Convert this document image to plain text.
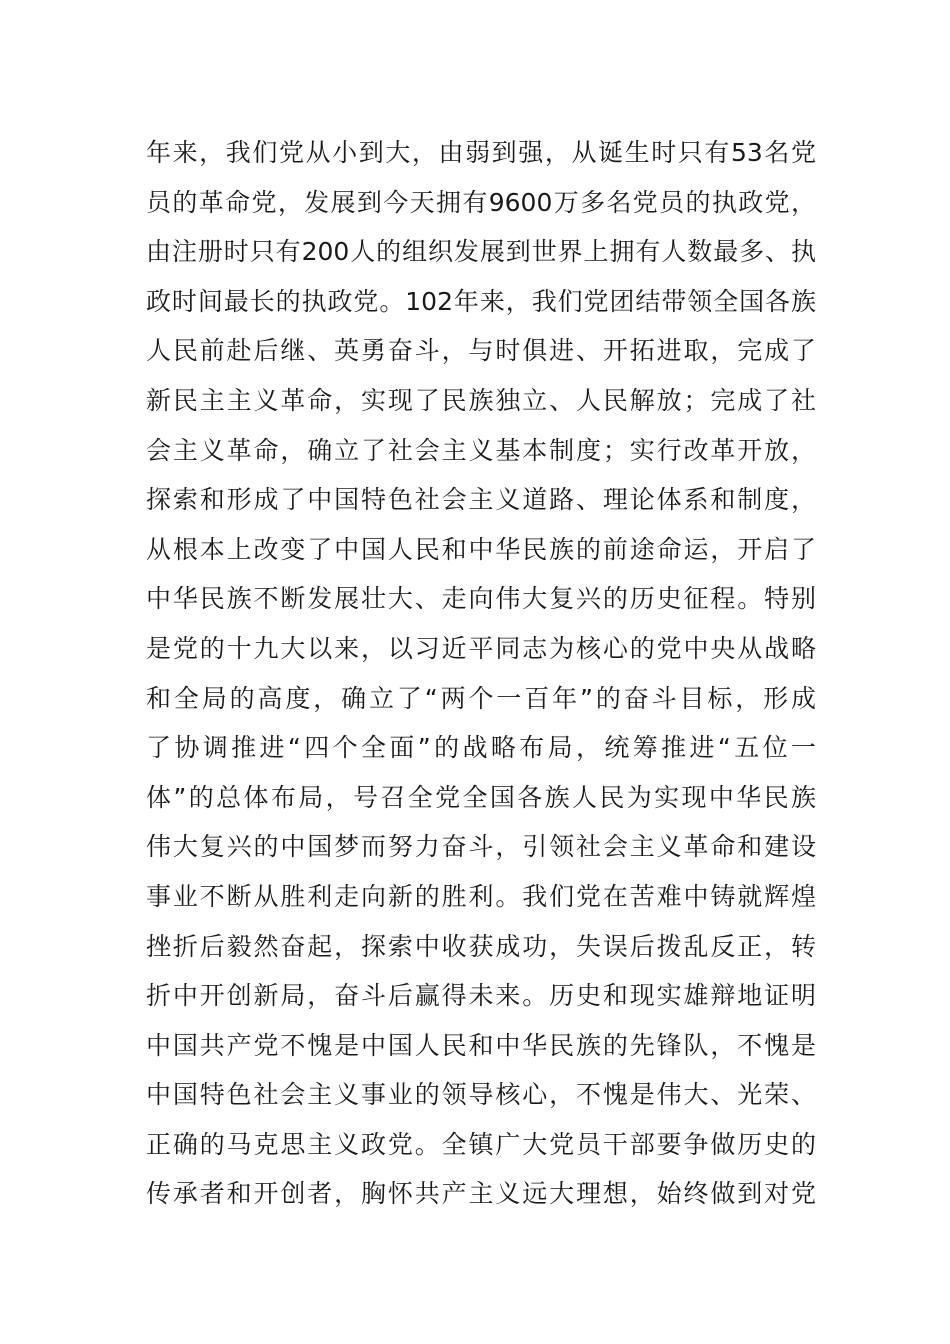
年来，我们党从小到大，由弱到强，从诞生时只有53名党
员的革命党，发展到今天拥有9600万多名党员的执政党，
由注册时只有200人的组织发展到世界上拥有人数最多、执
政时间最长的执政党。102年来，我们党团结带领全国各族
人民前赴后继、英勇奋斗，与时俱进、开拓进取，完成了
新民主主义革命，实现了民族独立、人民解放；完成了社
会主义革命，确立了社会主义基本制度；实行改革开放，
探索和形成了中国特色社会主义道路、理论体系和制度，
从根本上改变了中国人民和中华民族的前途命运，开启了
中华民族不断发展壮大、走向伟大复兴的历史征程。特别
是党的十九大以来，以习近平同志为核心的党中央从战略
和全局的高度，确立了“两个一百年”的奋斗目标，形成
了协调推进“四个全面”的战略布局，统筹推进“五位一
体”的总体布局，号召全党全国各族人民为实现中华民族
伟大复兴的中国梦而努力奋斗，引领社会主义革命和建设
事业不断从胜利走向新的胜利。我们党在苦难中铸就辉煌
挫折后毅然奋起，探索中收获成功，失误后拨乱反正，转
折中开创新局，奋斗后赢得未来。历史和现实雄辩地证明
中国共产党不愧是中国人民和中华民族的先锋队，不愧是
中国特色社会主义事业的领导核心，不愧是伟大、光荣、
正确的马克思主义政党。全镇广大党员干部要争做历史的
传承者和开创者，胸怀共产主义远大理想，始终做到对党
